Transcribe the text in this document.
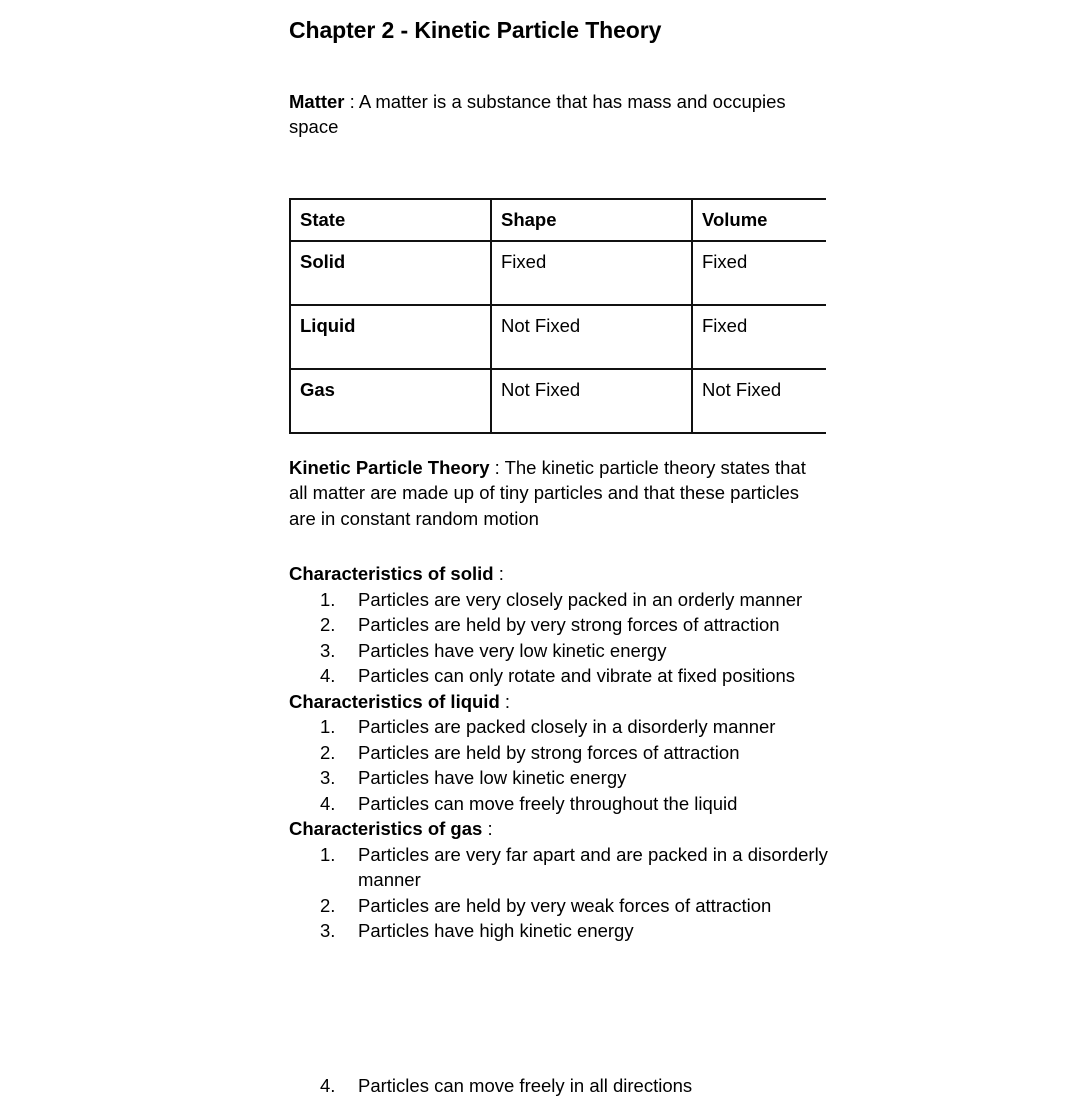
Chapter 2 - Kinetic Particle Theory

Matter : A matter is a substance that has mass and occupies space

State	Shape	Volume
Solid	Fixed	Fixed
Liquid	Not Fixed	Fixed
Gas	Not Fixed	Not Fixed

Kinetic Particle Theory : The kinetic particle theory states that all matter are made up of tiny particles and that these particles are in constant random motion

Characteristics of solid :

1.	Particles are very closely packed in an orderly manner
2.	Particles are held by very strong forces of attraction
3.	Particles have very low kinetic energy
4.	Particles can only rotate and vibrate at fixed positions

Characteristics of liquid :

1.	Particles are packed closely in a disorderly manner
2.	Particles are held by strong forces of attraction
3.	Particles have low kinetic energy
4.	Particles can move freely throughout the liquid

Characteristics of gas :

1.	Particles are very far apart and are packed in a disorderly manner
2.	Particles are held by very weak forces of attraction
3.	Particles have high kinetic energy
4. Particles can move freely in all directions
